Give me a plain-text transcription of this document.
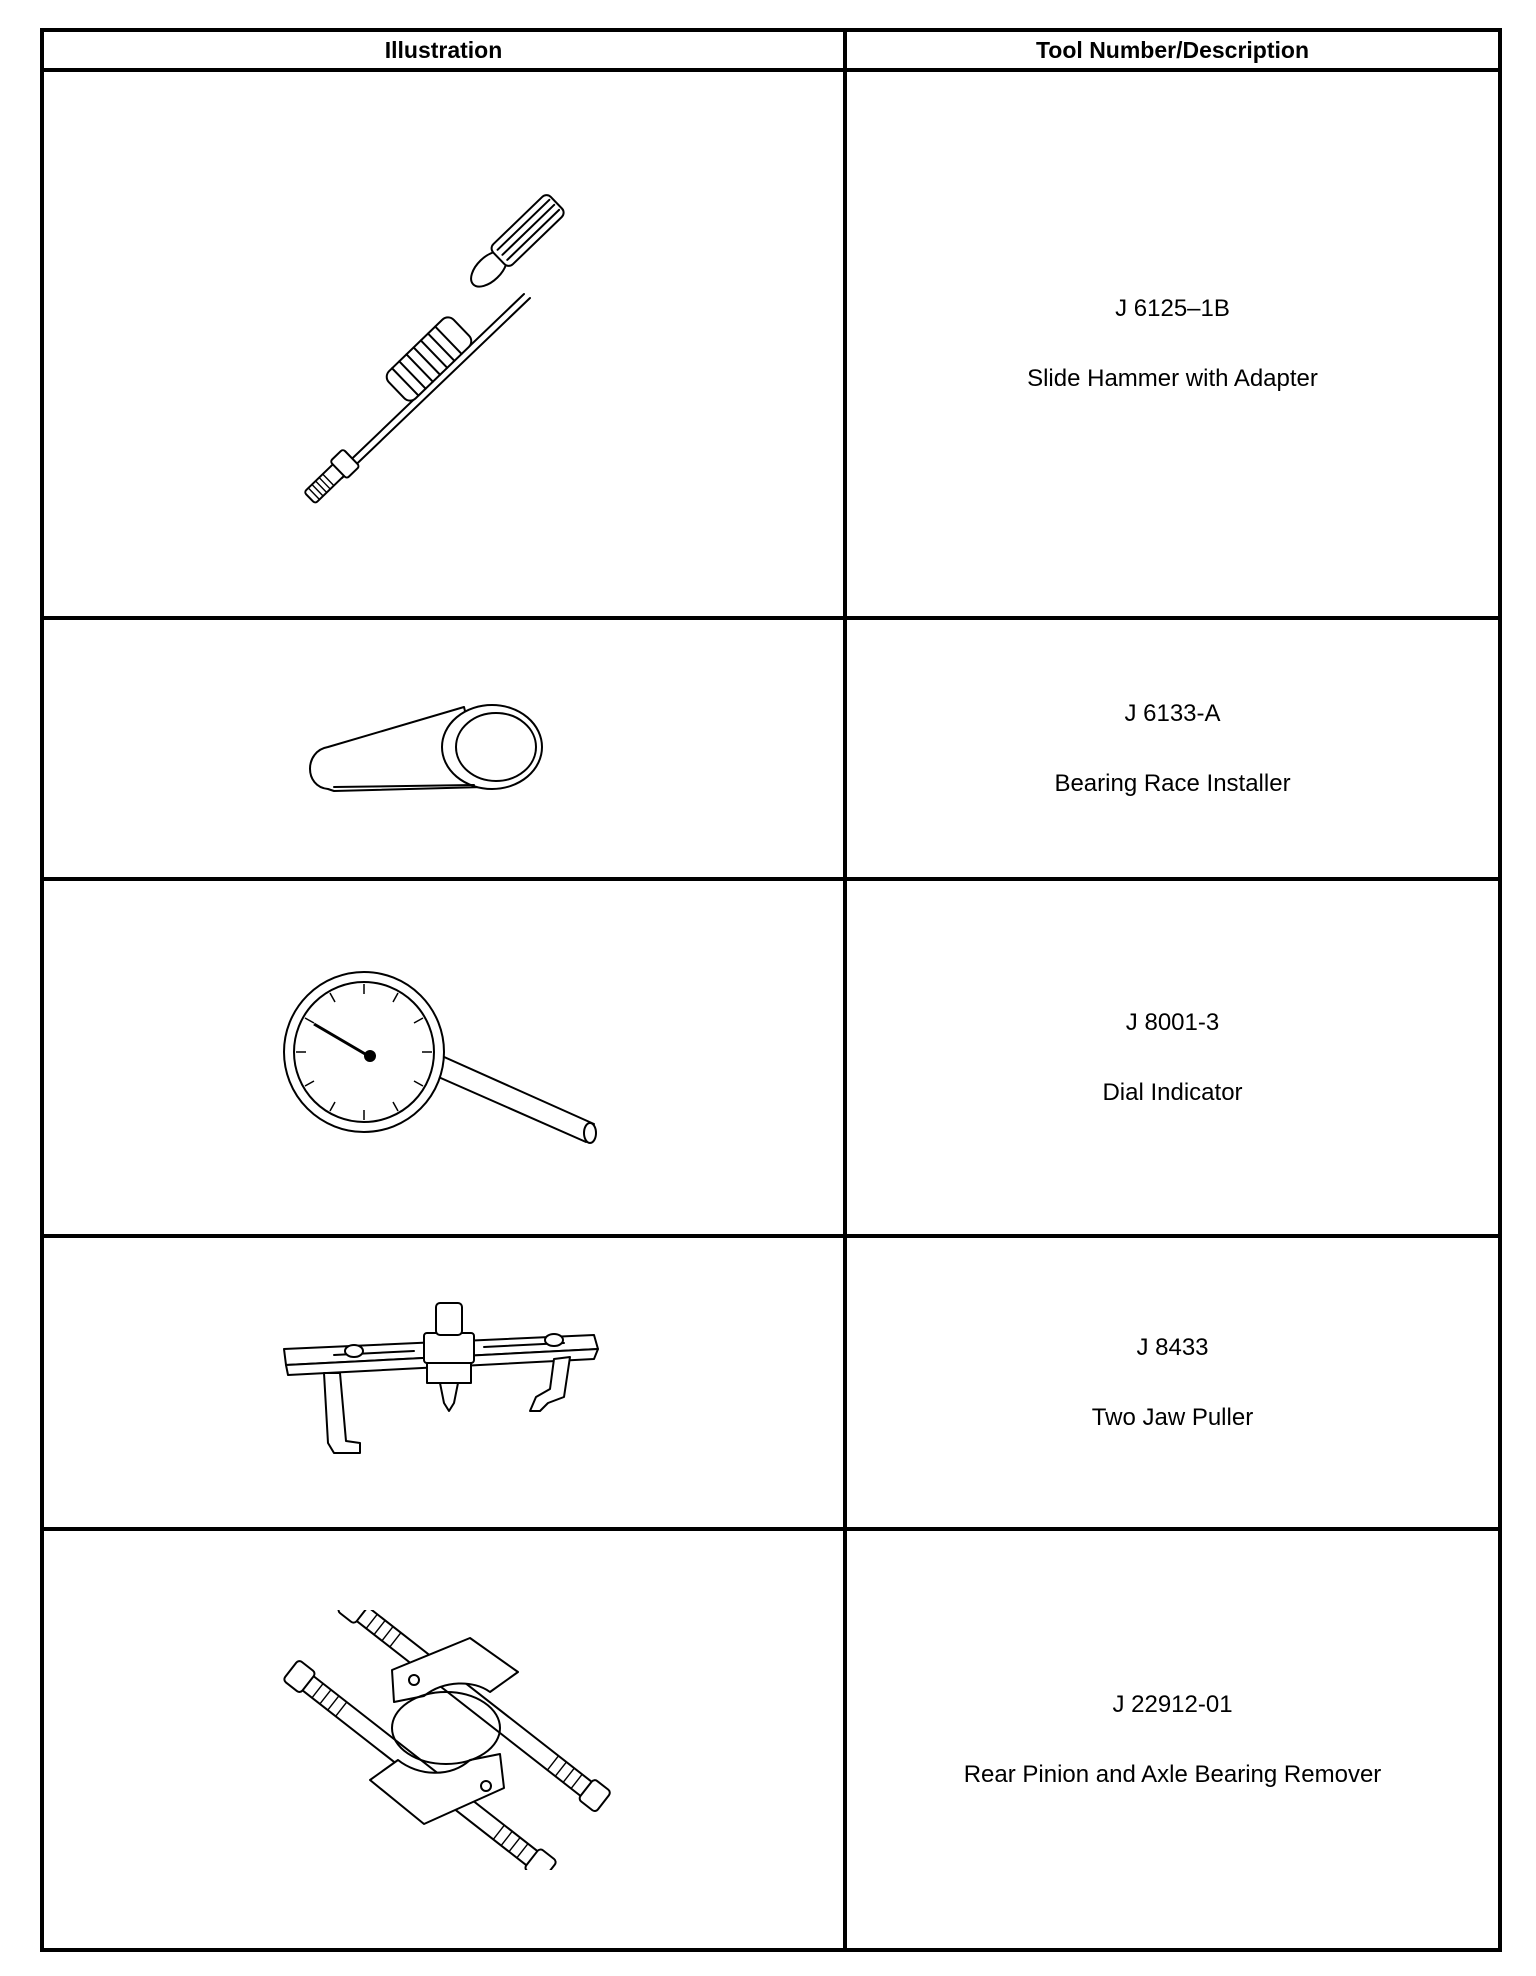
Illustration	Tool Number/Description

J 6125–1B
Slide Hammer with Adapter

J 6133-A
Bearing Race Installer

J 8001-3
Dial Indicator

J 8433
Two Jaw Puller

J 22912-01
Rear Pinion and Axle Bearing Remover
